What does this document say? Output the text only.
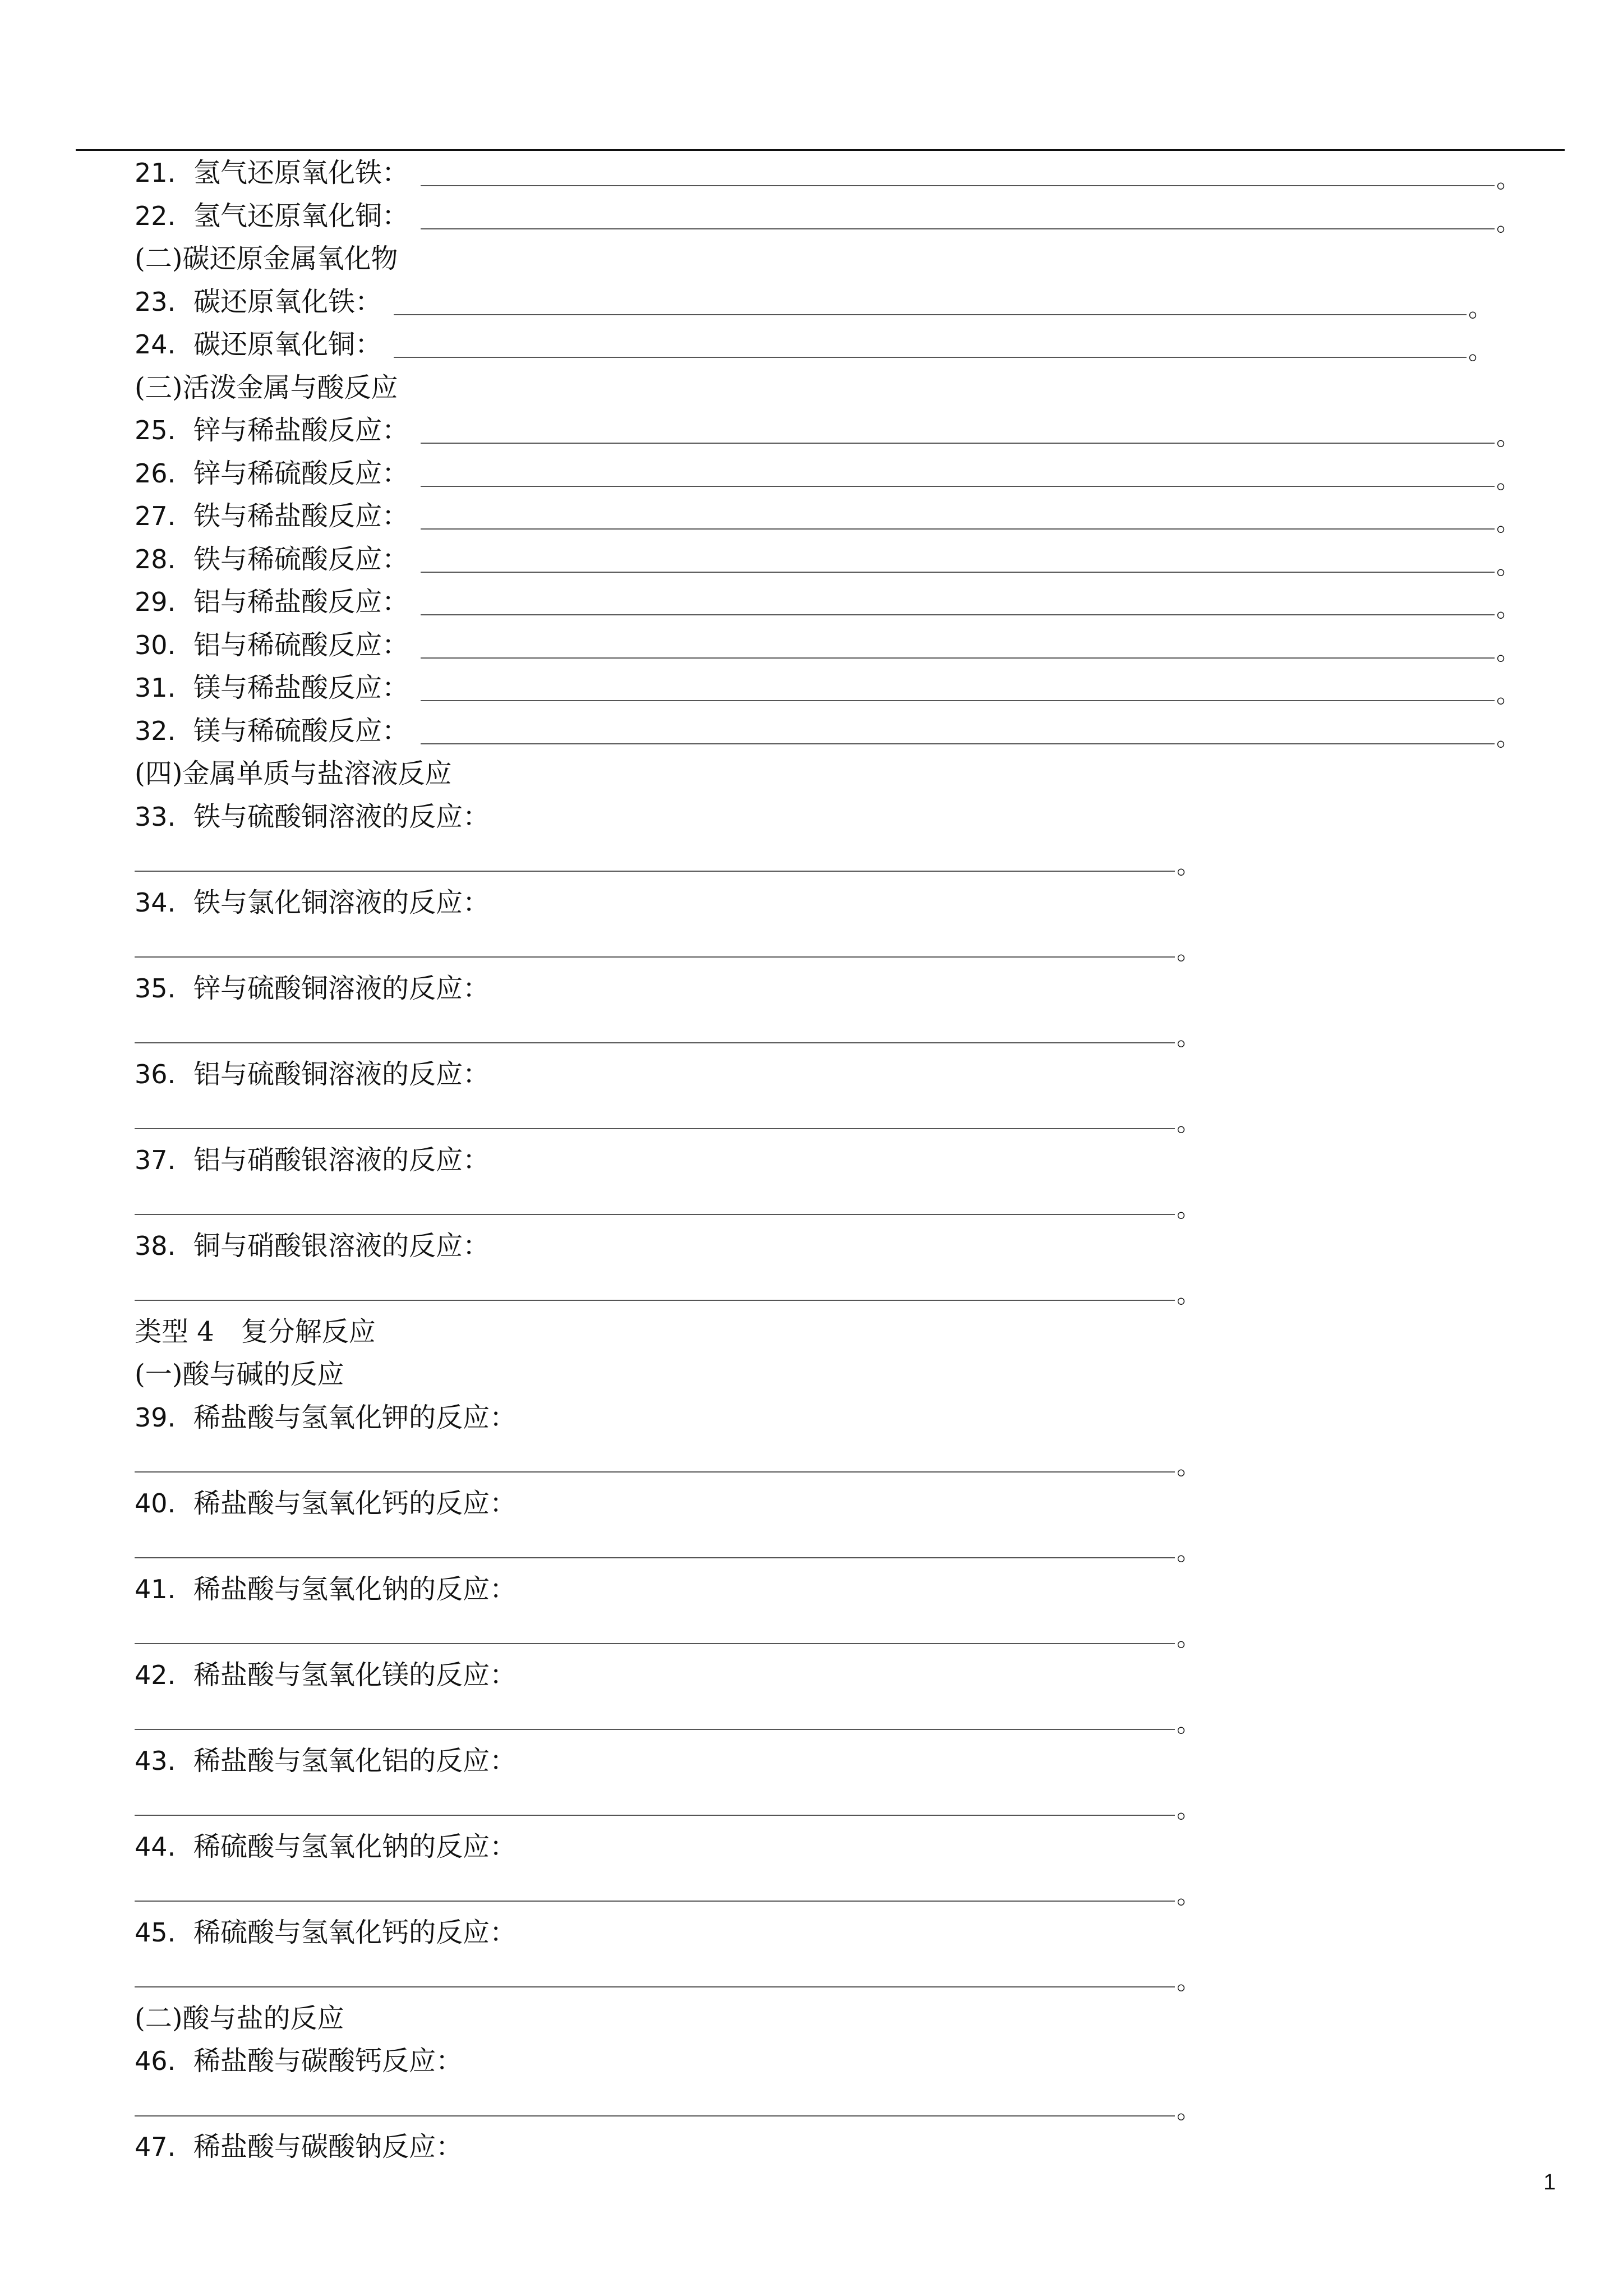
21. 氢气还原氧化铁：	。
22. 氢气还原氧化铜：	。
(二)碳还原金属氧化物
23. 碳还原氧化铁：	。
24. 碳还原氧化铜：	。
(三)活泼金属与酸反应
25. 锌与稀盐酸反应：	。
26. 锌与稀硫酸反应：	。
27. 铁与稀盐酸反应：	。
28. 铁与稀硫酸反应：	。
29. 铝与稀盐酸反应：	。
30. 铝与稀硫酸反应：	。
31. 镁与稀盐酸反应：	。
32. 镁与稀硫酸反应：	。
(四)金属单质与盐溶液反应
33. 铁与硫酸铜溶液的反应：
。
34. 铁与氯化铜溶液的反应：
。
35. 锌与硫酸铜溶液的反应：
。
36. 铝与硫酸铜溶液的反应：
。
37. 铝与硝酸银溶液的反应：
。
38. 铜与硝酸银溶液的反应：
。
类型 4　复分解反应
(一)酸与碱的反应
39. 稀盐酸与氢氧化钾的反应：
。
40. 稀盐酸与氢氧化钙的反应：
。
41. 稀盐酸与氢氧化钠的反应：
。
42. 稀盐酸与氢氧化镁的反应：
。
43. 稀盐酸与氢氧化铝的反应：
。
44. 稀硫酸与氢氧化钠的反应：
。
45. 稀硫酸与氢氧化钙的反应：
。
(二)酸与盐的反应
46. 稀盐酸与碳酸钙反应：
。
47. 稀盐酸与碳酸钠反应：
1
